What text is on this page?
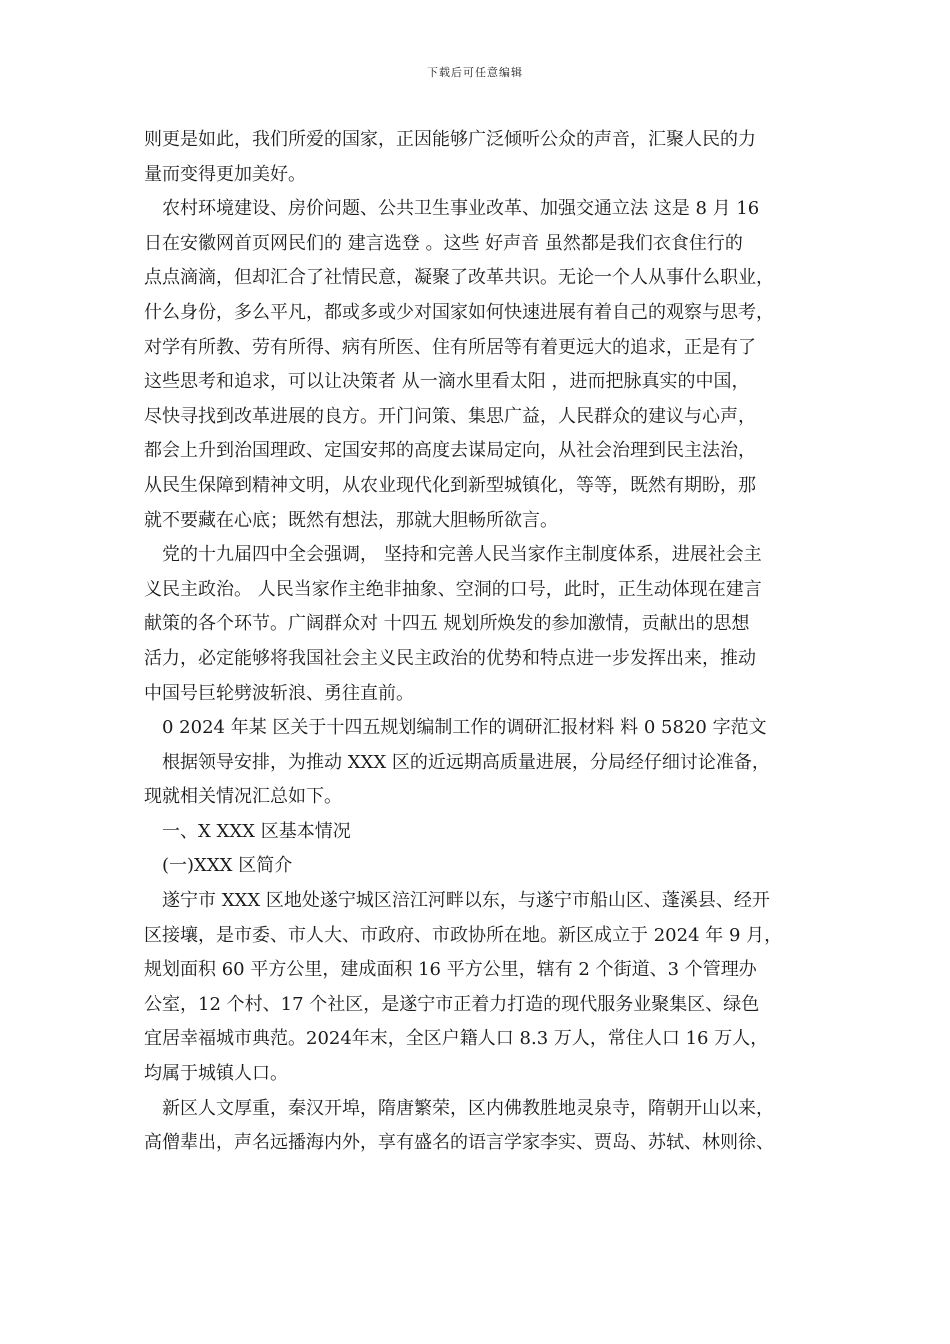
下载后可任意编辑
则更是如此，我们所爱的国家，正因能够广泛倾听公众的声音，汇聚人民的力
量而变得更加美好。
　农村环境建设、房价问题、公共卫生事业改革、加强交通立法 这是 8 月 16
日在安徽网首页网民们的 建言选登 。这些 好声音 虽然都是我们衣食住行的
点点滴滴，但却汇合了社情民意，凝聚了改革共识。无论一个人从事什么职业，
什么身份，多么平凡，都或多或少对国家如何快速进展有着自己的观察与思考，
对学有所教、劳有所得、病有所医、住有所居等有着更远大的追求，正是有了
这些思考和追求，可以让决策者 从一滴水里看太阳 ，进而把脉真实的中国，
尽快寻找到改革进展的良方。开门问策、集思广益，人民群众的建议与心声，
都会上升到治国理政、定国安邦的高度去谋局定向，从社会治理到民主法治，
从民生保障到精神文明，从农业现代化到新型城镇化，等等，既然有期盼，那
就不要藏在心底；既然有想法，那就大胆畅所欲言。
　党的十九届四中全会强调， 坚持和完善人民当家作主制度体系，进展社会主
义民主政治。 人民当家作主绝非抽象、空洞的口号，此时，正生动体现在建言
献策的各个环节。广阔群众对 十四五 规划所焕发的参加激情，贡献出的思想
活力，必定能够将我国社会主义民主政治的优势和特点进一步发挥出来，推动
中国号巨轮劈波斩浪、勇往直前。
　0 2024 年某 区关于十四五规划编制工作的调研汇报材料 料 0 5820 字范文
　根据领导安排，为推动 XXX 区的近远期高质量进展，分局经仔细讨论准备，
现就相关情况汇总如下。
　一、X XXX 区基本情况
　(一)XXX 区简介
　遂宁市 XXX 区地处遂宁城区涪江河畔以东，与遂宁市船山区、蓬溪县、经开
区接壤，是市委、市人大、市政府、市政协所在地。新区成立于 2024 年 9 月，
规划面积 60 平方公里，建成面积 16 平方公里，辖有 2 个街道、3 个管理办
公室，12 个村、17 个社区，是遂宁市正着力打造的现代服务业聚集区、绿色
宜居幸福城市典范。2024年末，全区户籍人口 8.3 万人，常住人口 16 万人，
均属于城镇人口。
　新区人文厚重，秦汉开埠，隋唐繁荣，区内佛教胜地灵泉寺，隋朝开山以来，
高僧辈出，声名远播海内外，享有盛名的语言学家李实、贾岛、苏轼、林则徐、
